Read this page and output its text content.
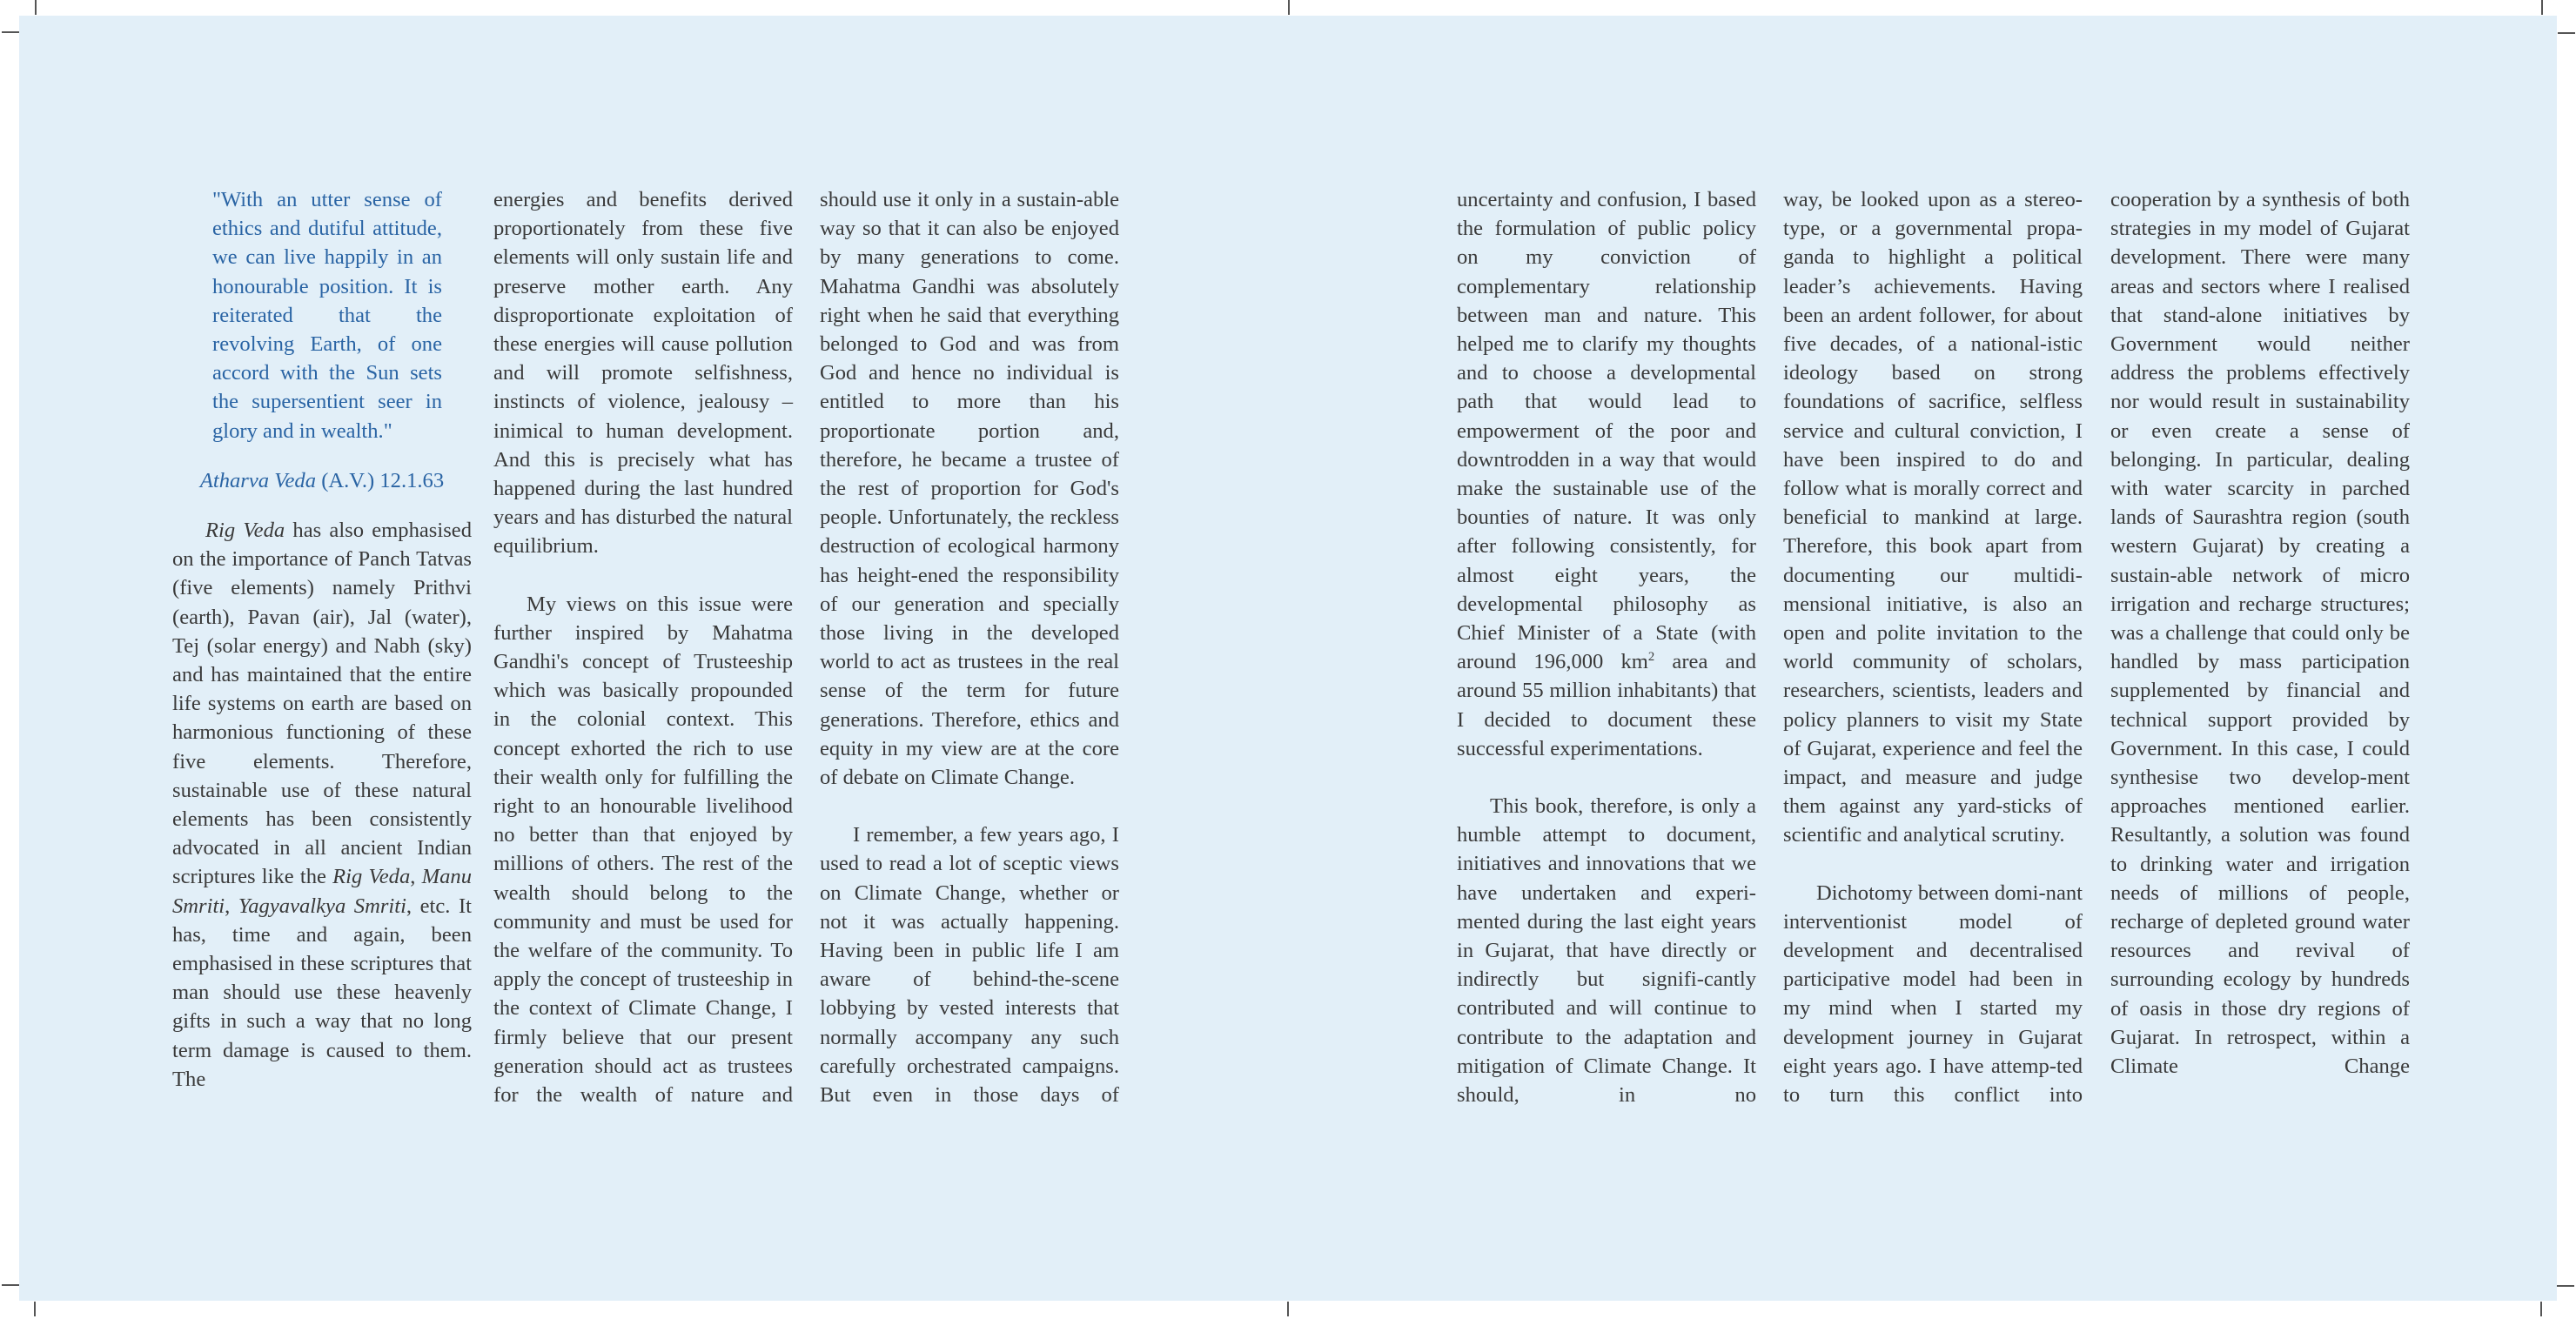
"With an utter sense of ethics and dutiful attitude, we can live happily in an honourable position. It is reiterated that the revolving Earth, of one accord with the Sun sets the supersentient seer in glory and in wealth."

Atharva Veda (A.V.) 12.1.63

Rig Veda has also emphasised on the importance of Panch Tatvas (five elements) namely Prithvi (earth), Pavan (air), Jal (water), Tej (solar energy) and Nabh (sky) and has maintained that the entire life systems on earth are based on harmonious functioning of these five elements. Therefore, sustainable use of these natural elements has been consistently advocated in all ancient Indian scriptures like the Rig Veda, Manu Smriti, Yagyavalkya Smriti, etc. It has, time and again, been emphasised in these scriptures that man should use these heavenly gifts in such a way that no long term damage is caused to them. The

energies and benefits derived proportionately from these five elements will only sustain life and preserve mother earth. Any disproportionate exploitation of these energies will cause pollution and will promote selfishness, instincts of violence, jealousy – inimical to human development. And this is precisely what has happened during the last hundred years and has disturbed the natural equilibrium.

My views on this issue were further inspired by Mahatma Gandhi's concept of Trusteeship which was basically propounded in the colonial context. This concept exhorted the rich to use their wealth only for fulfilling the right to an honourable livelihood no better than that enjoyed by millions of others. The rest of the wealth should belong to the community and must be used for the welfare of the community. To apply the concept of trusteeship in the context of Climate Change, I firmly believe that our present generation should act as trustees for the wealth of nature and

should use it only in a sustain-able way so that it can also be enjoyed by many generations to come. Mahatma Gandhi was absolutely right when he said that everything belonged to God and was from God and hence no individual is entitled to more than his proportionate portion and, therefore, he became a trustee of the rest of proportion for God's people. Unfortunately, the reckless destruction of ecological harmony has height-ened the responsibility of our generation and specially those living in the developed world to act as trustees in the real sense of the term for future generations. Therefore, ethics and equity in my view are at the core of debate on Climate Change.

I remember, a few years ago, I used to read a lot of sceptic views on Climate Change, whether or not it was actually happening. Having been in public life I am aware of behind-the-scene lobbying by vested interests that normally accompany any such carefully orchestrated campaigns. But even in those days of

uncertainty and confusion, I based the formulation of public policy on my conviction of complementary relationship between man and nature. This helped me to clarify my thoughts and to choose a developmental path that would lead to empowerment of the poor and downtrodden in a way that would make the sustainable use of the bounties of nature. It was only after following consistently, for almost eight years, the developmental philosophy as Chief Minister of a State (with around 196,000 $km^2$ area and around 55 million inhabitants) that I decided to document these successful experimentations.

This book, therefore, is only a humble attempt to document, initiatives and innovations that we have undertaken and experi-mented during the last eight years in Gujarat, that have directly or indirectly but signifi-cantly contributed and will continue to contribute to the adaptation and mitigation of Climate Change. It should, in no

way, be looked upon as a stereo-type, or a governmental propa-ganda to highlight a political leader’s achievements. Having been an ardent follower, for about five decades, of a national-istic ideology based on strong foundations of sacrifice, selfless service and cultural conviction, I have been inspired to do and follow what is morally correct and beneficial to mankind at large. Therefore, this book apart from documenting our multidi-mensional initiative, is also an open and polite invitation to the world community of scholars, researchers, scientists, leaders and policy planners to visit my State of Gujarat, experience and feel the impact, and measure and judge them against any yard-sticks of scientific and analytical scrutiny.

Dichotomy between domi-nant interventionist model of development and decentralised participative model had been in my mind when I started my development journey in Gujarat eight years ago. I have attemp-ted to turn this conflict into

cooperation by a synthesis of both strategies in my model of Gujarat development. There were many areas and sectors where I realised that stand-alone initiatives by Government would neither address the problems effectively nor would result in sustainability or even create a sense of belonging. In particular, dealing with water scarcity in parched lands of Saurashtra region (south western Gujarat) by creating a sustain-able network of micro irrigation and recharge structures; was a challenge that could only be handled by mass participation supplemented by financial and technical support provided by Government. In this case, I could synthesise two develop-ment approaches mentioned earlier. Resultantly, a solution was found to drinking water and irrigation needs of millions of people, recharge of depleted ground water resources and revival of surrounding ecology by hundreds of oasis in those dry regions of Gujarat. In retrospect, within a Climate Change
